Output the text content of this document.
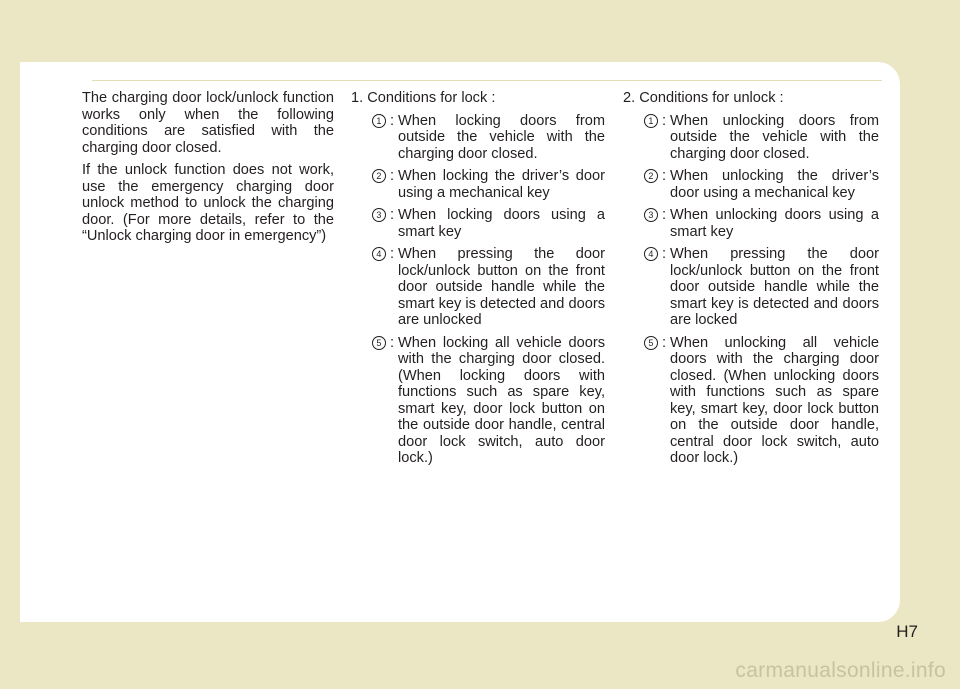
The charging door lock/unlock function works only when the following conditions are satisfied with the charging door closed.

If the unlock function does not work, use the emergency charging door unlock method to unlock the charging door. (For more details, refer to the “Unlock charging door in emergency”)

1. Conditions for lock :
1 : When locking doors from outside the vehicle with the charging door closed.
2 : When locking the driver’s door using a mechanical key
3 : When locking doors using a smart key
4 : When pressing the door lock/unlock button on the front door outside handle while the smart key is detected and doors are unlocked
5 : When locking all vehicle doors with the charging door closed. (When locking doors with functions such as spare key, smart key, door lock button on the outside door handle, central door lock switch, auto door lock.)
2. Conditions for unlock :
1 : When unlocking doors from outside the vehicle with the charging door closed.
2 : When unlocking the driver’s door using a mechanical key
3 : When unlocking doors using a smart key
4 : When pressing the door lock/unlock button on the front door outside handle while the smart key is detected and doors are locked
5 : When unlocking all vehicle doors with the charging door closed. (When unlocking doors with functions such as spare key, smart key, door lock button on the outside door handle, central door lock switch, auto door lock.)
H7
carmanualsonline.info
